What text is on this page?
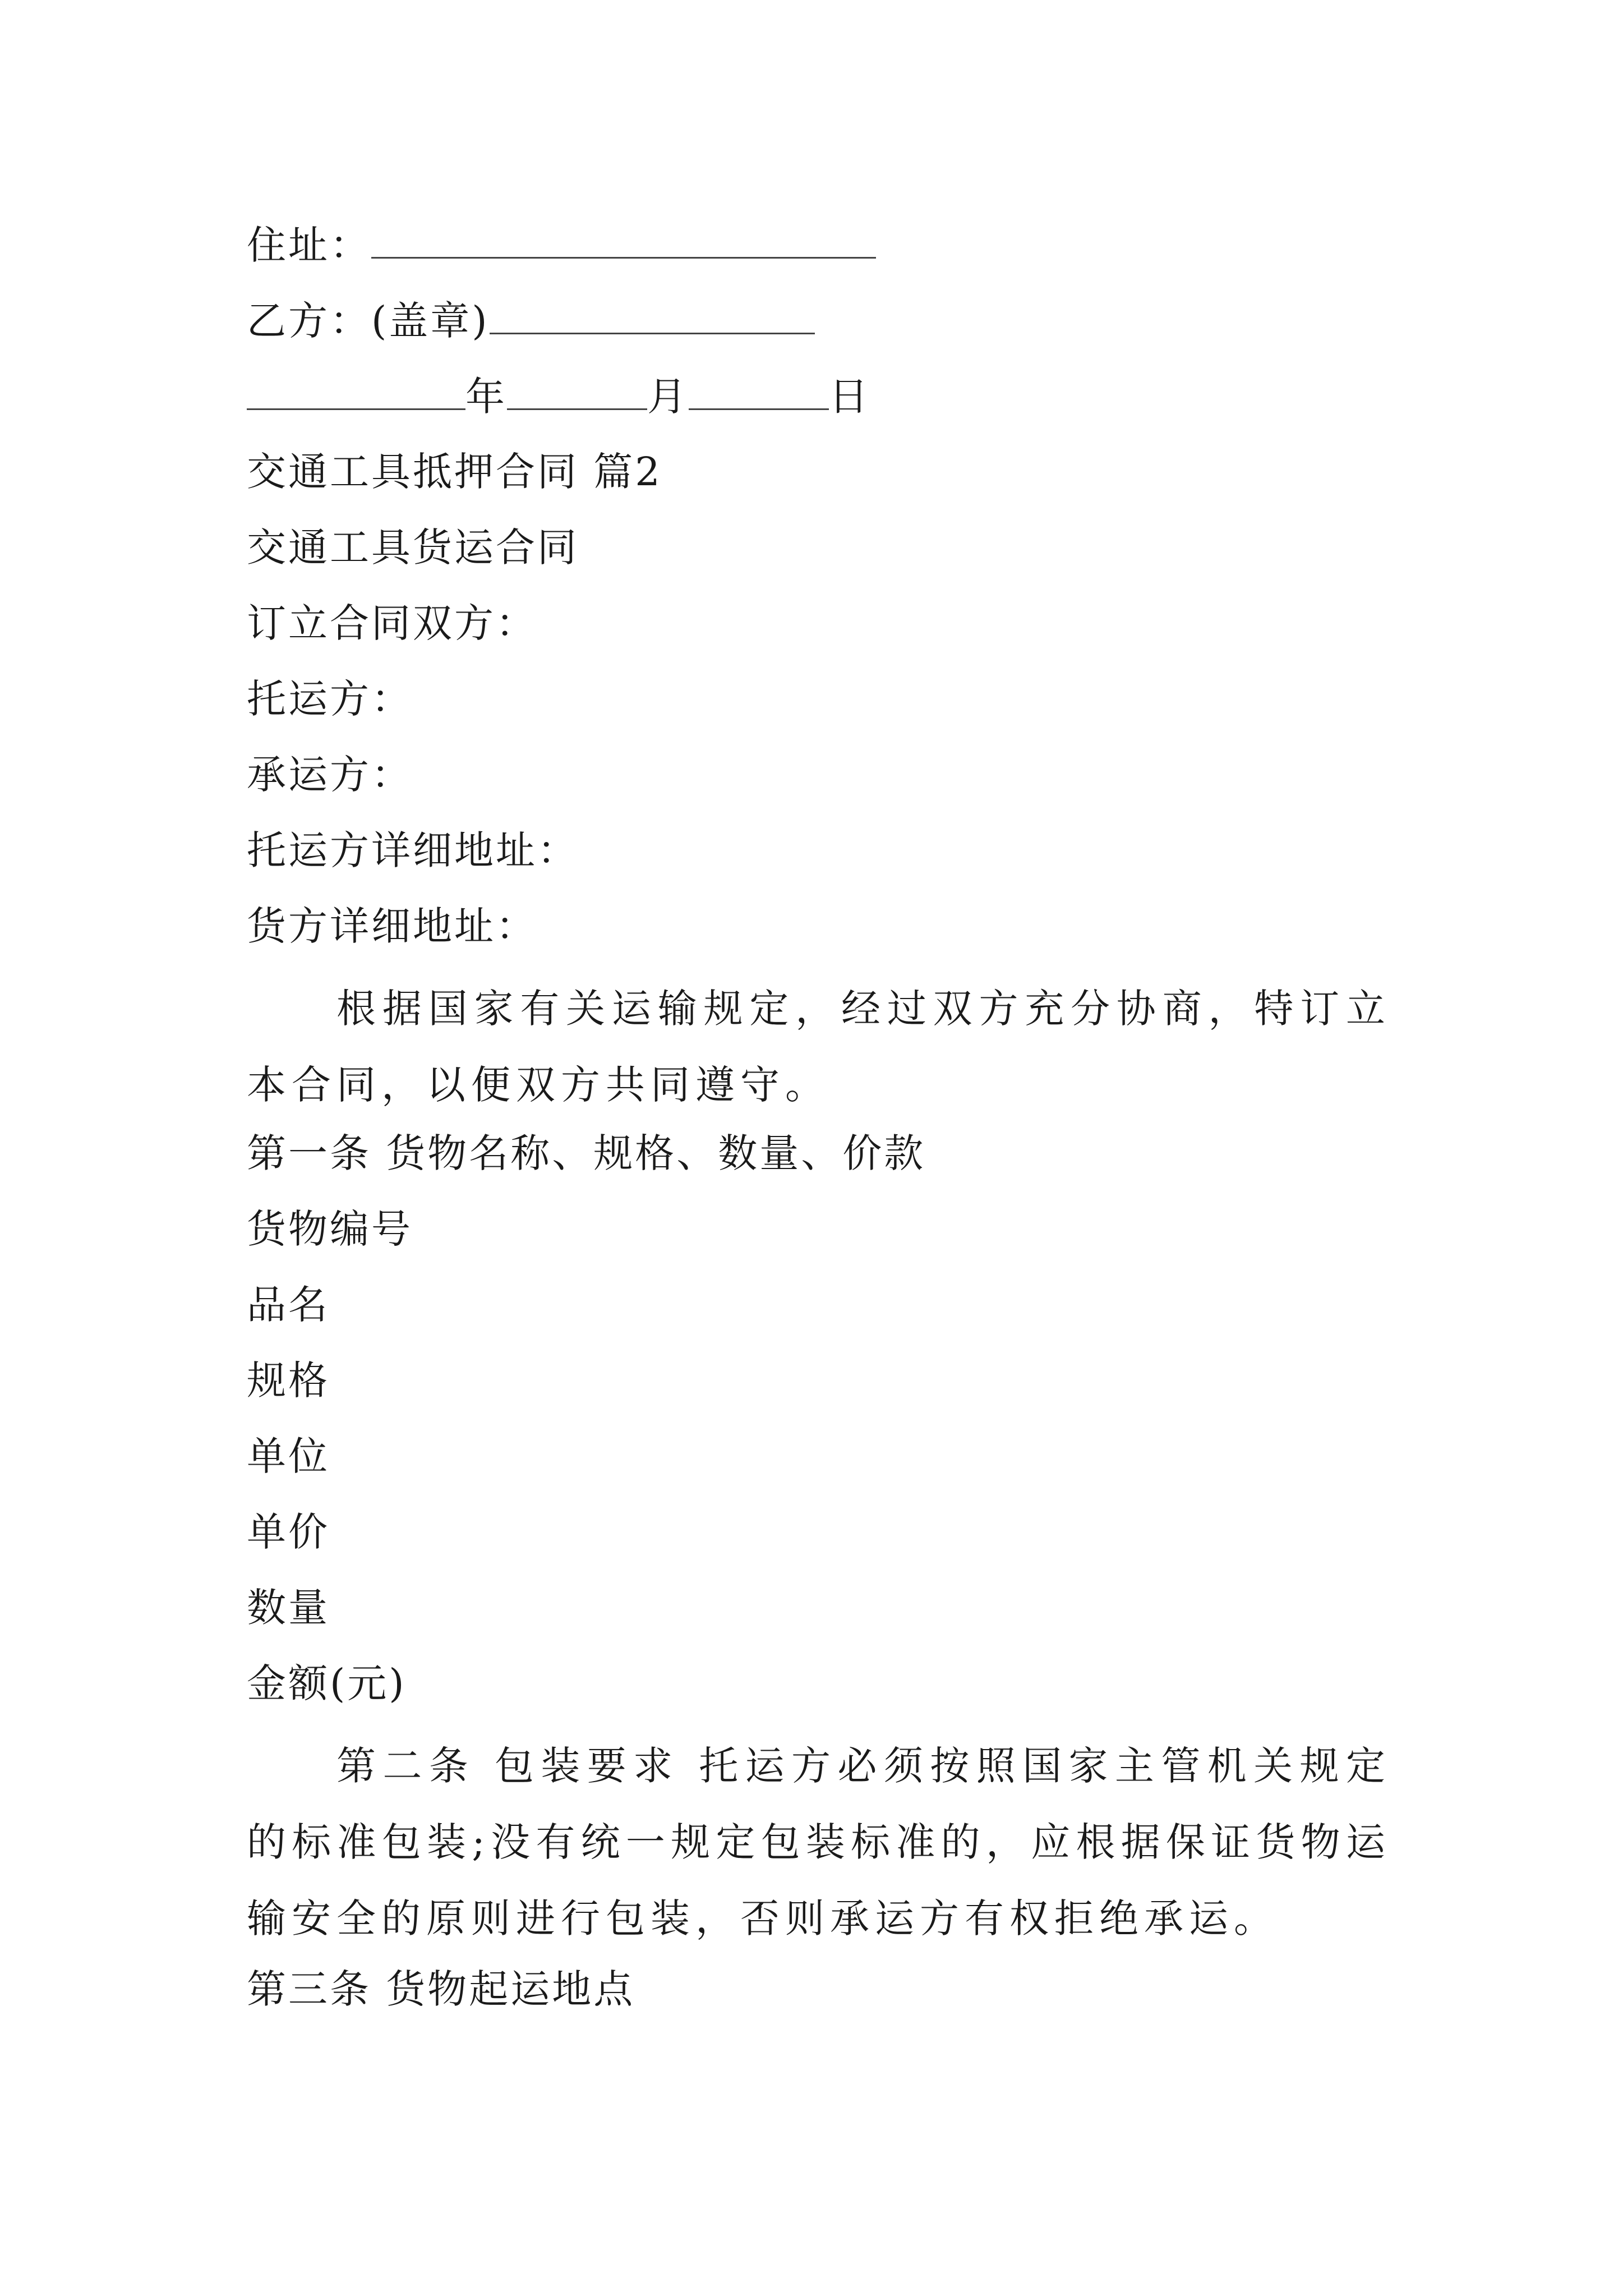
住址：
乙方：(盖章)
年	月	日
交通工具抵押合同 篇2
交通工具货运合同
订立合同双方：
托运方：
承运方：
托运方详细地址：
货方详细地址：
根据国家有关运输规定，经过双方充分协商，特订立本合同，以便双方共同遵守。
第一条 货物名称、规格、数量、价款
货物编号
品名
规格
单位
单价
数量
金额(元)
第二条 包装要求 托运方必须按照国家主管机关规定的标准包装;没有统一规定包装标准的，应根据保证货物运输安全的原则进行包装，否则承运方有权拒绝承运。
第三条 货物起运地点
